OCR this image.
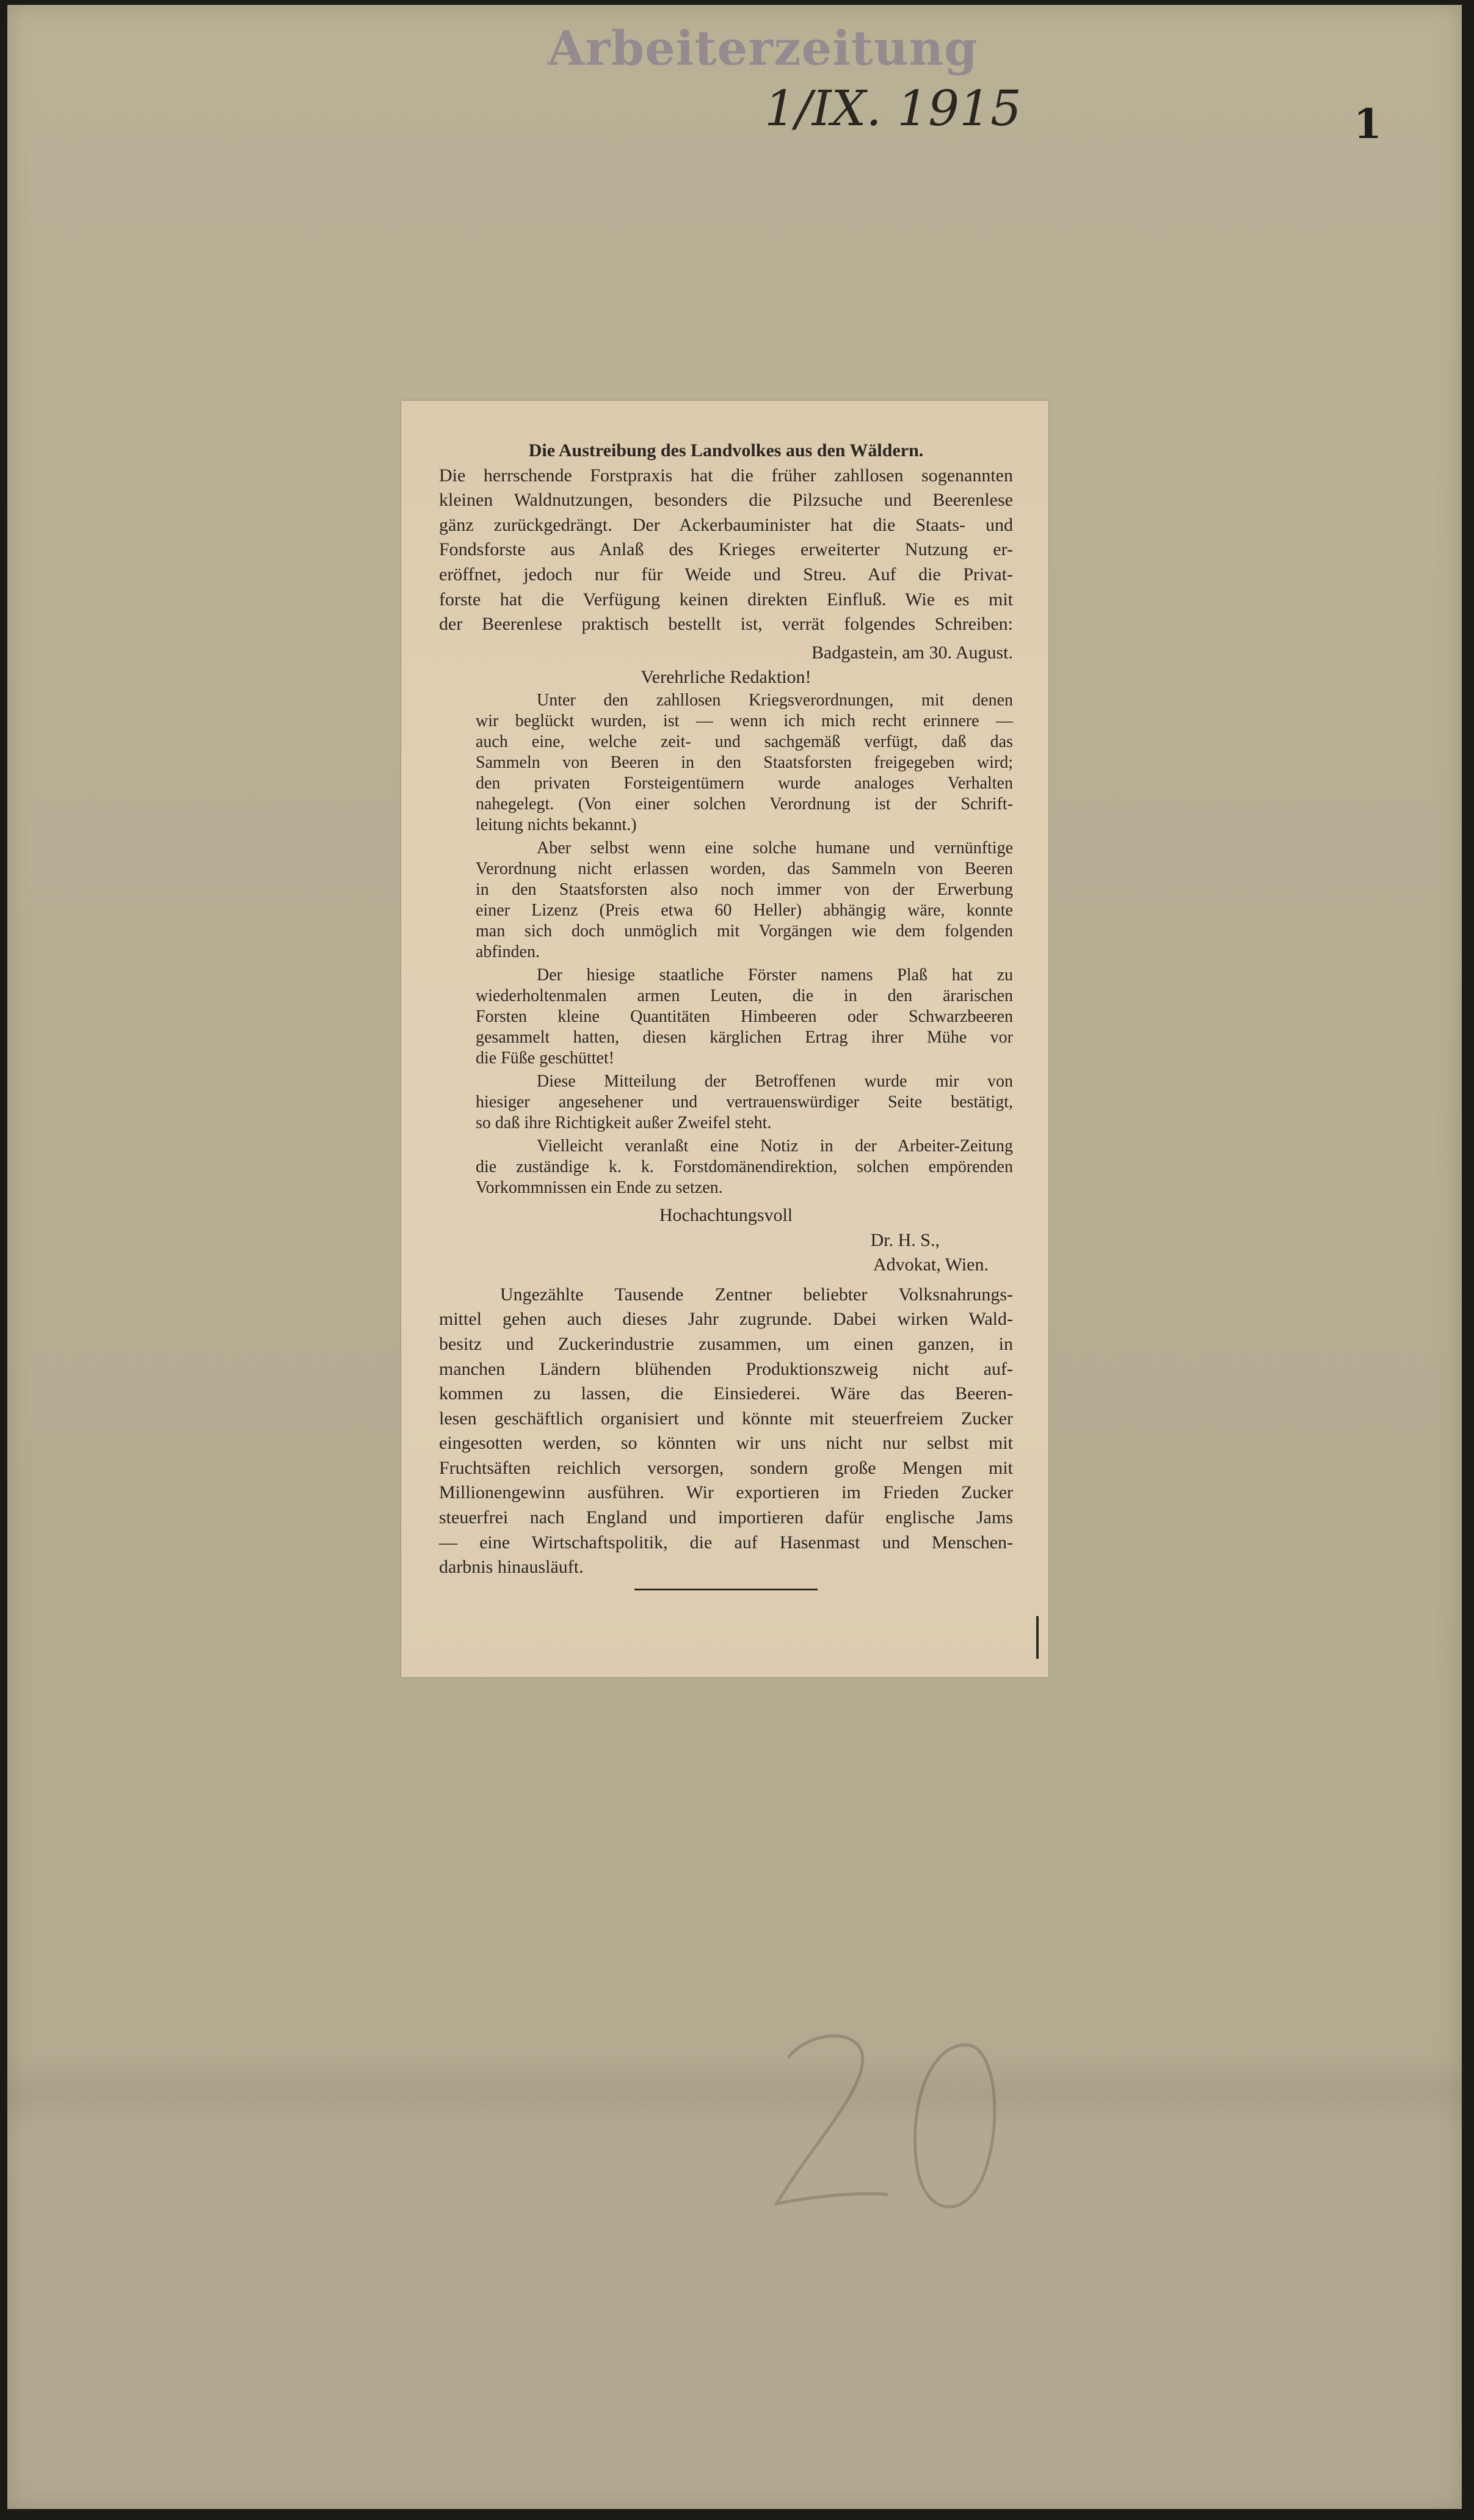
Arbeiterzeitung
1/IX. 1915	1

Die Austreibung des Landvolkes aus den Wäldern.

Die herrschende Forstpraxis hat die früher zahllosen sogenannten

kleinen Waldnutzungen, besonders die Pilzsuche und Beerenlese

gänz zurückgedrängt. Der Ackerbauminister hat die Staats- und

Fondsforste aus Anlaß des Krieges erweiterter Nutzung er-

eröffnet, jedoch nur für Weide und Streu. Auf die Privat-

forste hat die Verfügung keinen direkten Einfluß. Wie es mit

der Beerenlese praktisch bestellt ist, verrät folgendes Schreiben:

Badgastein, am 30. August.

Verehrliche Redaktion!

Unter den zahllosen Kriegsverordnungen, mit denen

wir beglückt wurden, ist — wenn ich mich recht erinnere —

auch eine, welche zeit- und sachgemäß verfügt, daß das

Sammeln von Beeren in den Staatsforsten freigegeben wird;

den privaten Forsteigentümern wurde analoges Verhalten

nahegelegt. (Von einer solchen Verordnung ist der Schrift-

leitung nichts bekannt.)

Aber selbst wenn eine solche humane und vernünftige

Verordnung nicht erlassen worden, das Sammeln von Beeren

in den Staatsforsten also noch immer von der Erwerbung

einer Lizenz (Preis etwa 60 Heller) abhängig wäre, konnte

man sich doch unmöglich mit Vorgängen wie dem folgenden

abfinden.

Der hiesige staatliche Förster namens Plaß hat zu

wiederholtenmalen armen Leuten, die in den ärarischen

Forsten kleine Quantitäten Himbeeren oder Schwarzbeeren

gesammelt hatten, diesen kärglichen Ertrag ihrer Mühe vor

die Füße geschüttet!

Diese Mitteilung der Betroffenen wurde mir von

hiesiger angesehener und vertrauenswürdiger Seite bestätigt,

so daß ihre Richtigkeit außer Zweifel steht.

Vielleicht veranlaßt eine Notiz in der Arbeiter-Zeitung

die zuständige k. k. Forstdomänendirektion, solchen empörenden

Vorkommnissen ein Ende zu setzen.

Hochachtungsvoll

Dr. H. S.,

Advokat, Wien.

Ungezählte Tausende Zentner beliebter Volksnahrungs-

mittel gehen auch dieses Jahr zugrunde. Dabei wirken Wald-

besitz und Zuckerindustrie zusammen, um einen ganzen, in

manchen Ländern blühenden Produktionszweig nicht auf-

kommen zu lassen, die Einsiederei. Wäre das Beeren-

lesen geschäftlich organisiert und könnte mit steuerfreiem Zucker

eingesotten werden, so könnten wir uns nicht nur selbst mit

Fruchtsäften reichlich versorgen, sondern große Mengen mit

Millionengewinn ausführen. Wir exportieren im Frieden Zucker

steuerfrei nach England und importieren dafür englische Jams

— eine Wirtschaftspolitik, die auf Hasenmast und Menschen-

darbnis hinausläuft.

20
